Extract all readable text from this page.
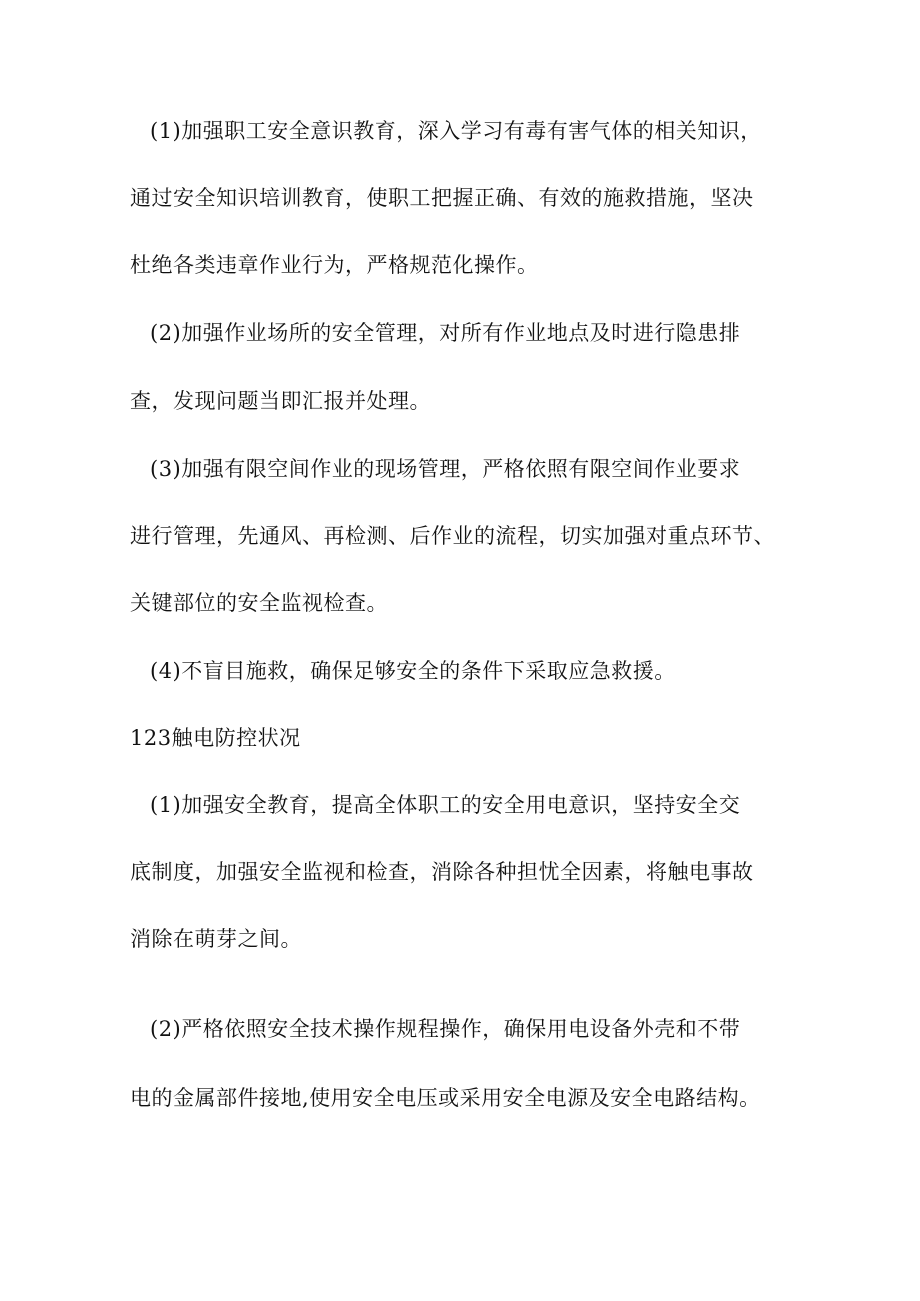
(1)加强职工安全意识教育，深入学习有毒有害气体的相关知识，
通过安全知识培训教育，使职工把握正确、有效的施救措施，坚决
杜绝各类违章作业行为，严格规范化操作。
(2)加强作业场所的安全管理，对所有作业地点及时进行隐患排
查，发现问题当即汇报并处理。
(3)加强有限空间作业的现场管理，严格依照有限空间作业要求
进行管理，先通风、再检测、后作业的流程，切实加强对重点环节、
关键部位的安全监视检查。
(4)不盲目施救，确保足够安全的条件下采取应急救援。
123触电防控状况
(1)加强安全教育，提高全体职工的安全用电意识，坚持安全交
底制度，加强安全监视和检查，消除各种担忧全因素，将触电事故
消除在萌芽之间。
(2)严格依照安全技术操作规程操作，确保用电设备外壳和不带
电的金属部件接地,使用安全电压或采用安全电源及安全电路结构。
